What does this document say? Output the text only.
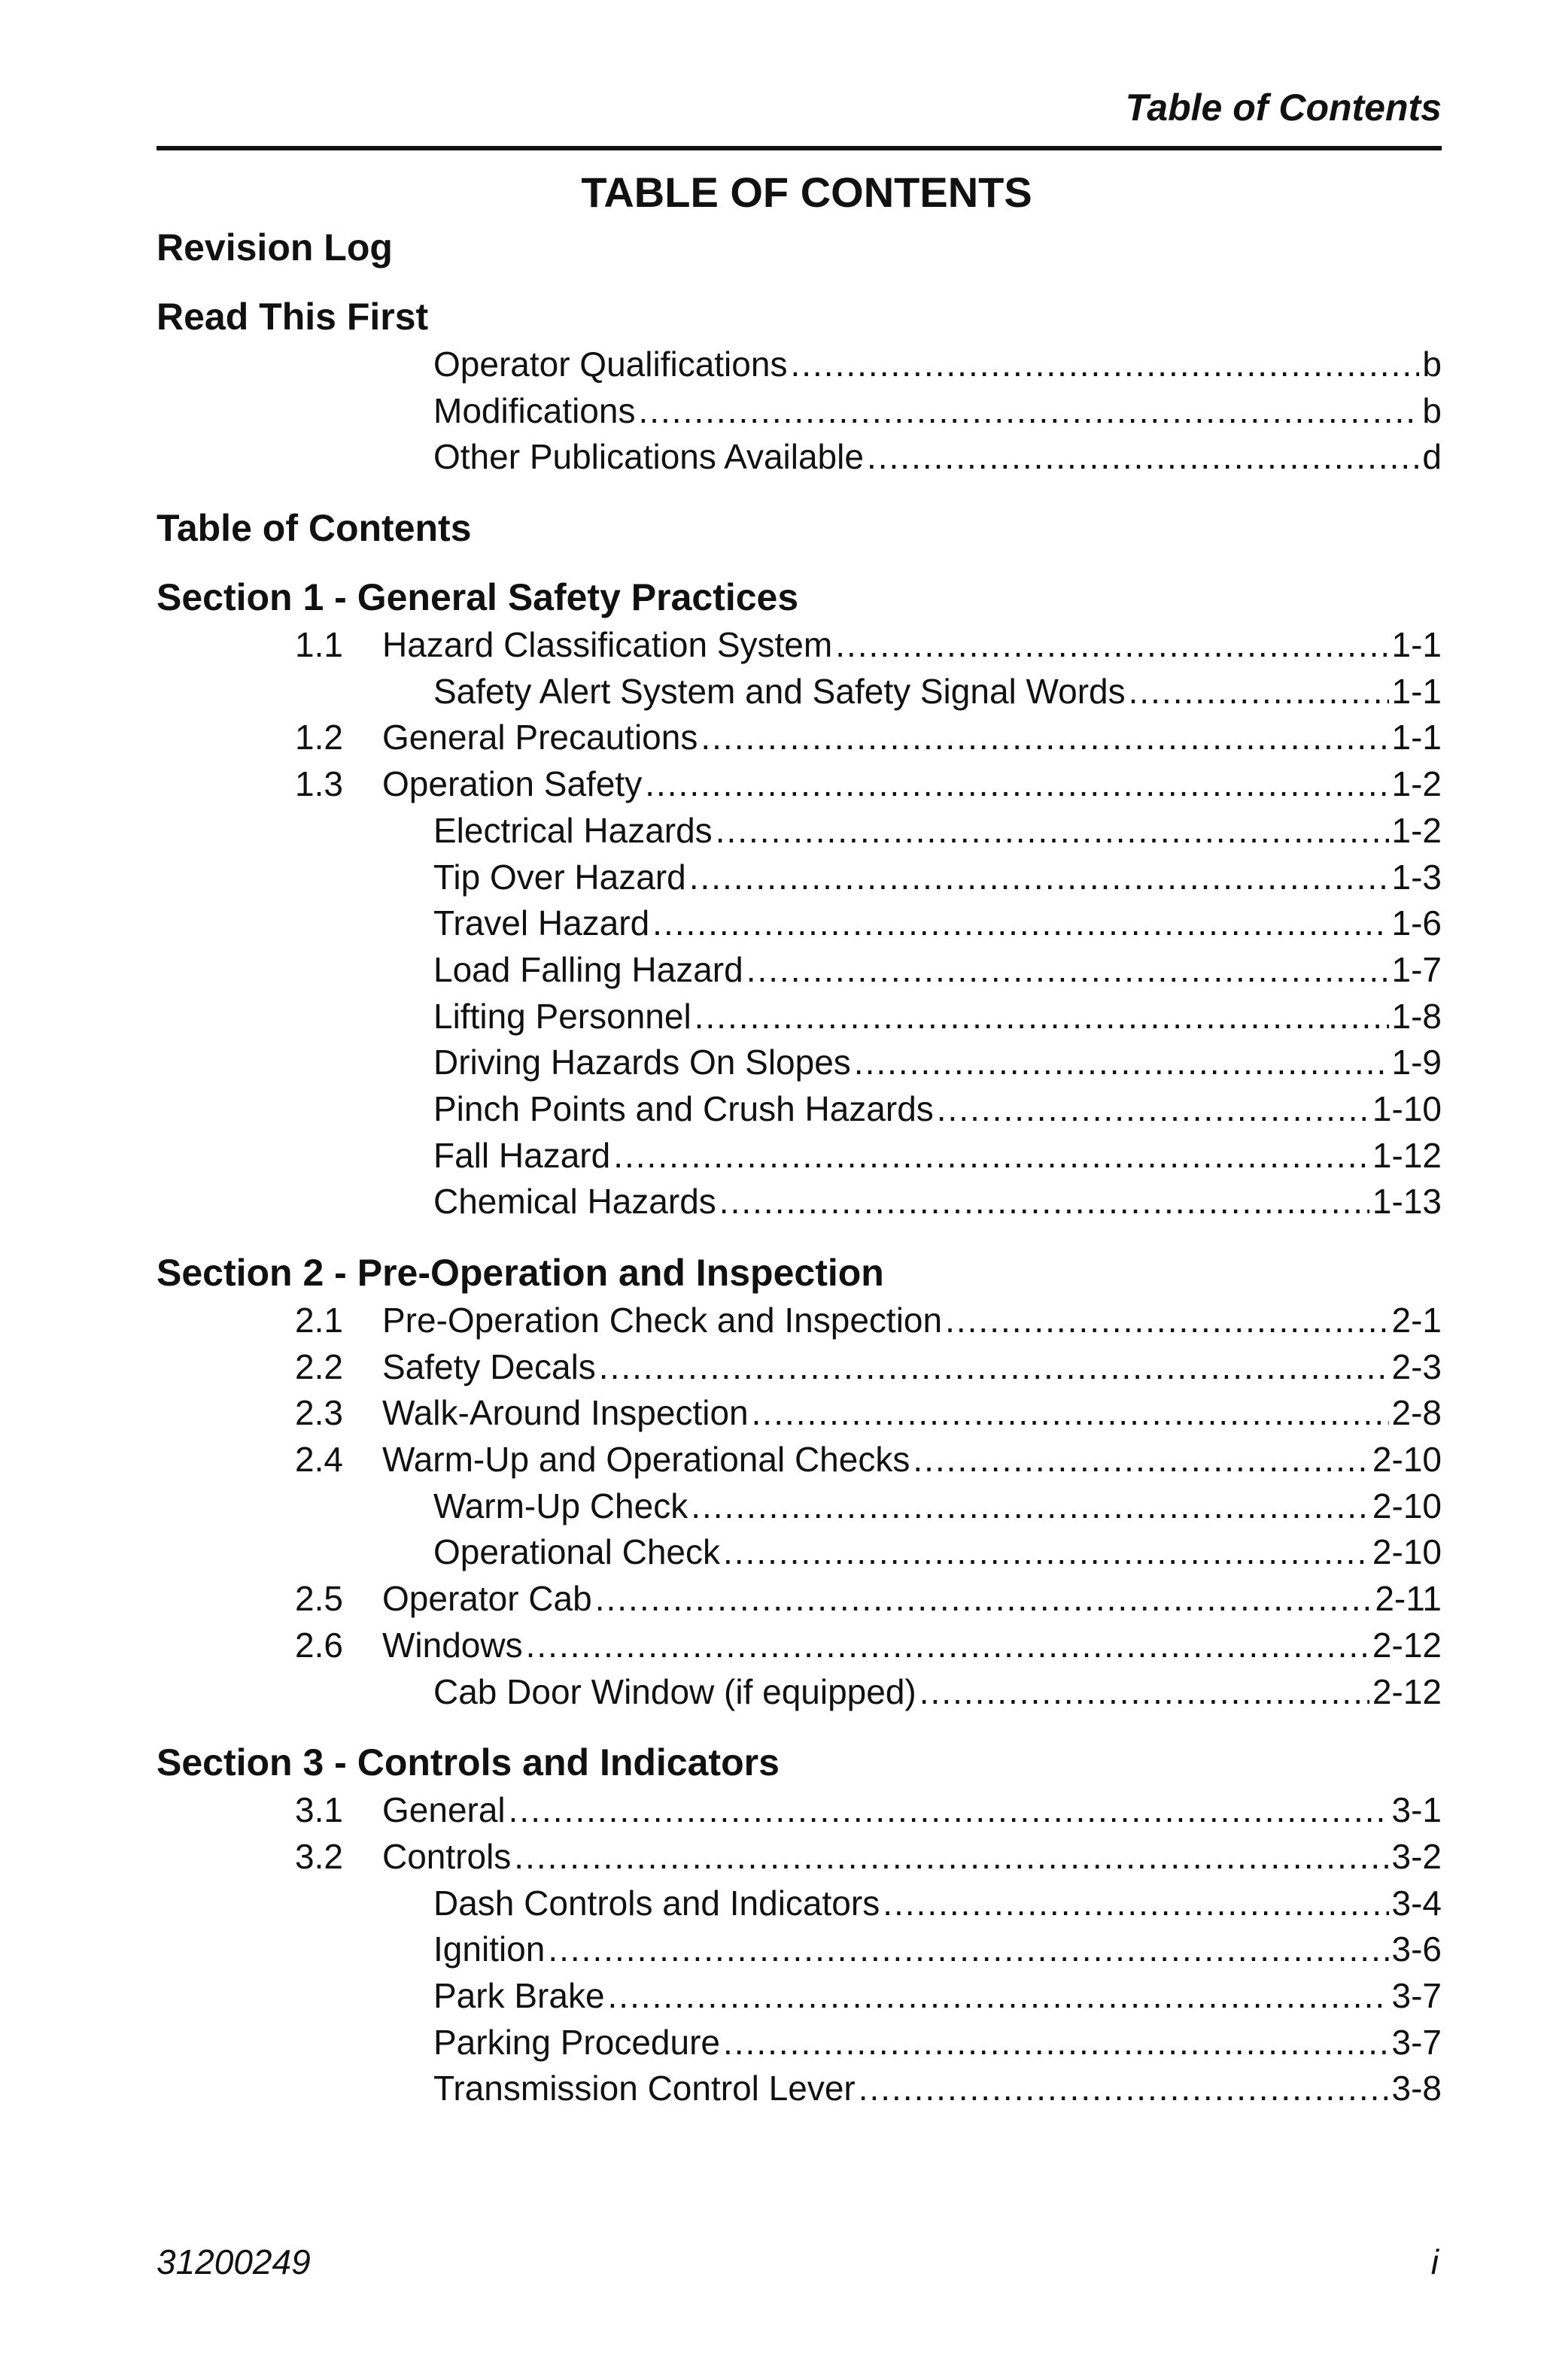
Table of Contents
TABLE OF CONTENTS
Revision Log
Read This First
Operator Qualifications .....	b
Modifications .....	b
Other Publications Available .....	d
Table of Contents
Section 1 - General Safety Practices
1.1	Hazard Classification System .....	1-1
Safety Alert System and Safety Signal Words .....	1-1
1.2	General Precautions .....	1-1
1.3	Operation Safety .....	1-2
Electrical Hazards .....	1-2
Tip Over Hazard .....	1-3
Travel Hazard .....	1-6
Load Falling Hazard .....	1-7
Lifting Personnel .....	1-8
Driving Hazards On Slopes .....	1-9
Pinch Points and Crush Hazards .....	1-10
Fall Hazard .....	1-12
Chemical Hazards .....	1-13
Section 2 - Pre-Operation and Inspection
2.1	Pre-Operation Check and Inspection .....	2-1
2.2	Safety Decals .....	2-3
2.3	Walk-Around Inspection .....	2-8
2.4	Warm-Up and Operational Checks .....	2-10
Warm-Up Check .....	2-10
Operational Check .....	2-10
2.5	Operator Cab .....	2-11
2.6	Windows .....	2-12
Cab Door Window (if equipped) .....	2-12
Section 3 - Controls and Indicators
3.1	General .....	3-1
3.2	Controls .....	3-2
Dash Controls and Indicators .....	3-4
Ignition .....	3-6
Park Brake .....	3-7
Parking Procedure .....	3-7
Transmission Control Lever .....	3-8
31200249	i
